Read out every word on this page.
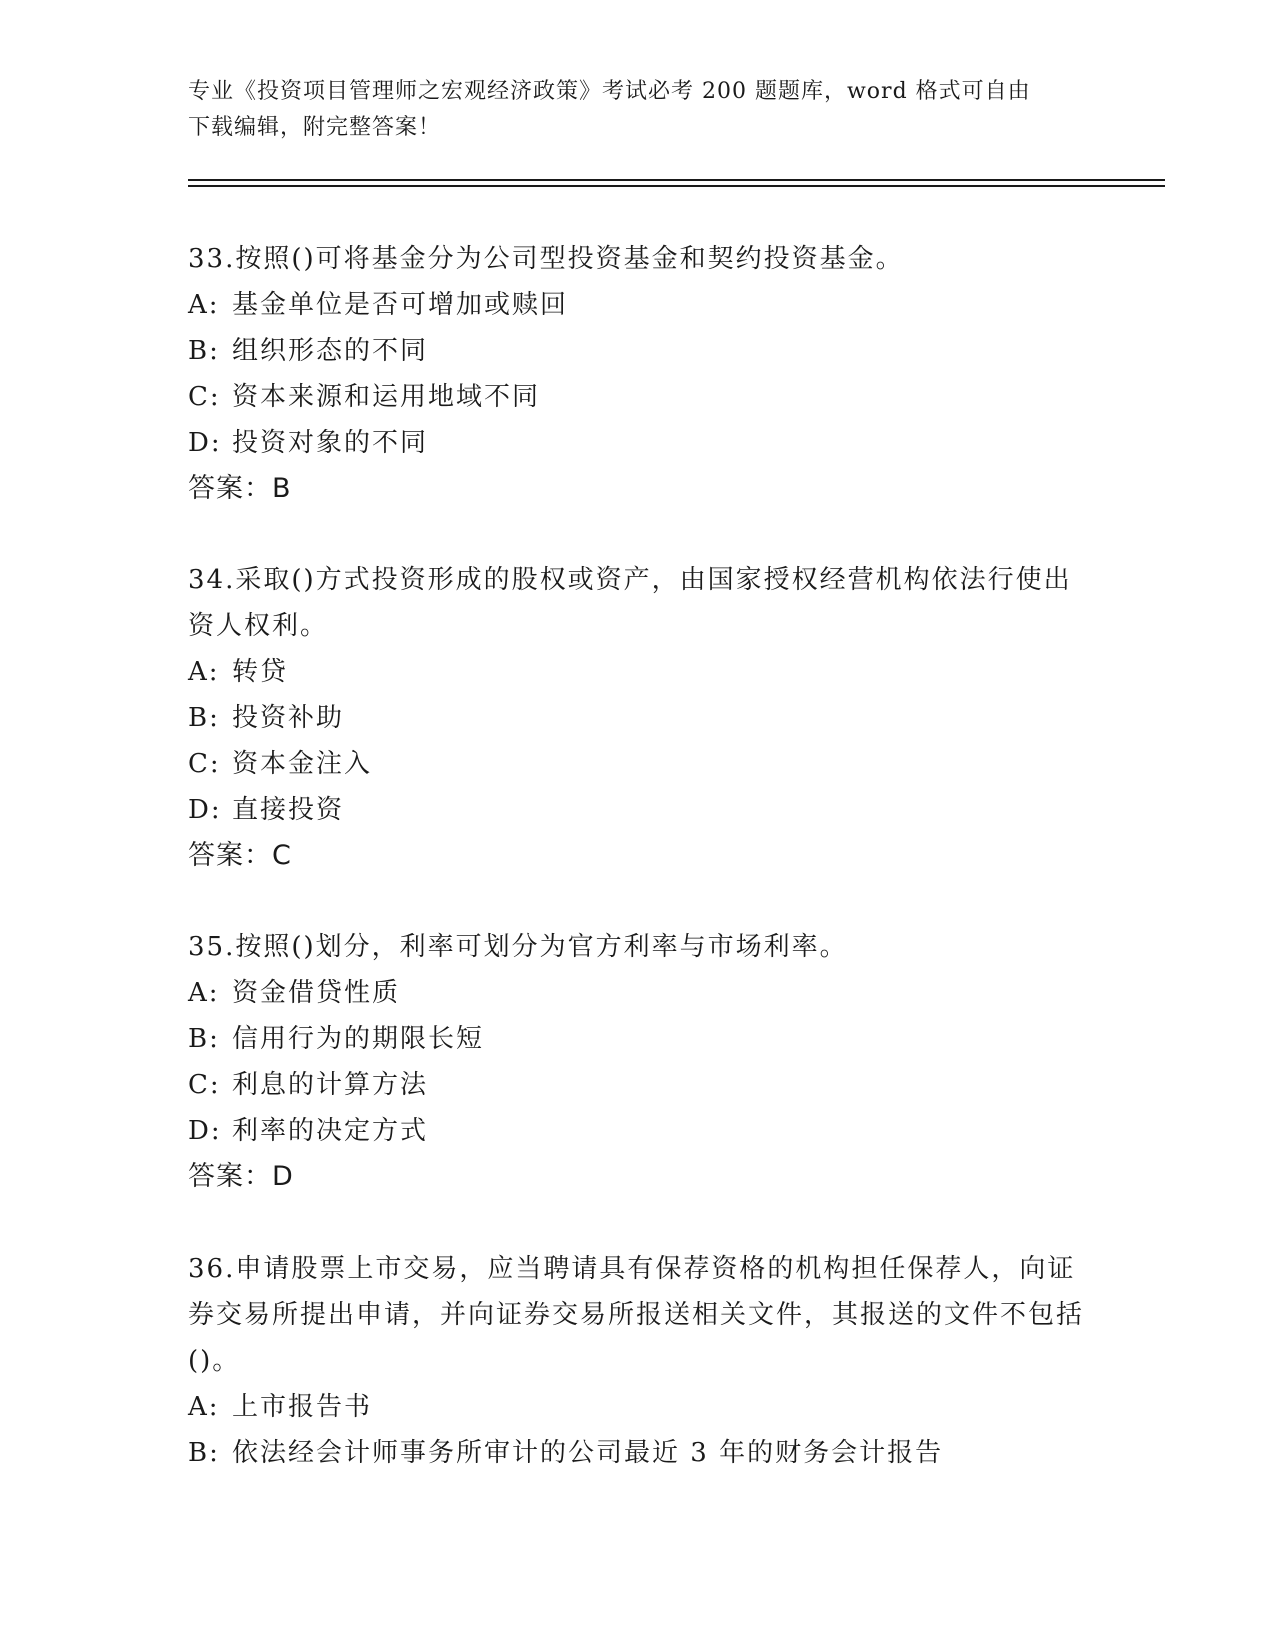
专业《投资项目管理师之宏观经济政策》考试必考 200 题题库，word 格式可自由
下载编辑，附完整答案！

33.按照()可将基金分为公司型投资基金和契约投资基金。

A: 基金单位是否可增加或赎回
B: 组织形态的不同
C: 资本来源和运用地域不同
D: 投资对象的不同
答案：B

34.采取()方式投资形成的股权或资产，由国家授权经营机构依法行使出资人权利。

A: 转贷
B: 投资补助
C: 资本金注入
D: 直接投资
答案：C

35.按照()划分，利率可划分为官方利率与市场利率。

A: 资金借贷性质
B: 信用行为的期限长短
C: 利息的计算方法
D: 利率的决定方式
答案：D

36.申请股票上市交易，应当聘请具有保荐资格的机构担任保荐人，向证券交易所提出申请，并向证券交易所报送相关文件，其报送的文件不包括()。

A: 上市报告书
B: 依法经会计师事务所审计的公司最近 3 年的财务会计报告
